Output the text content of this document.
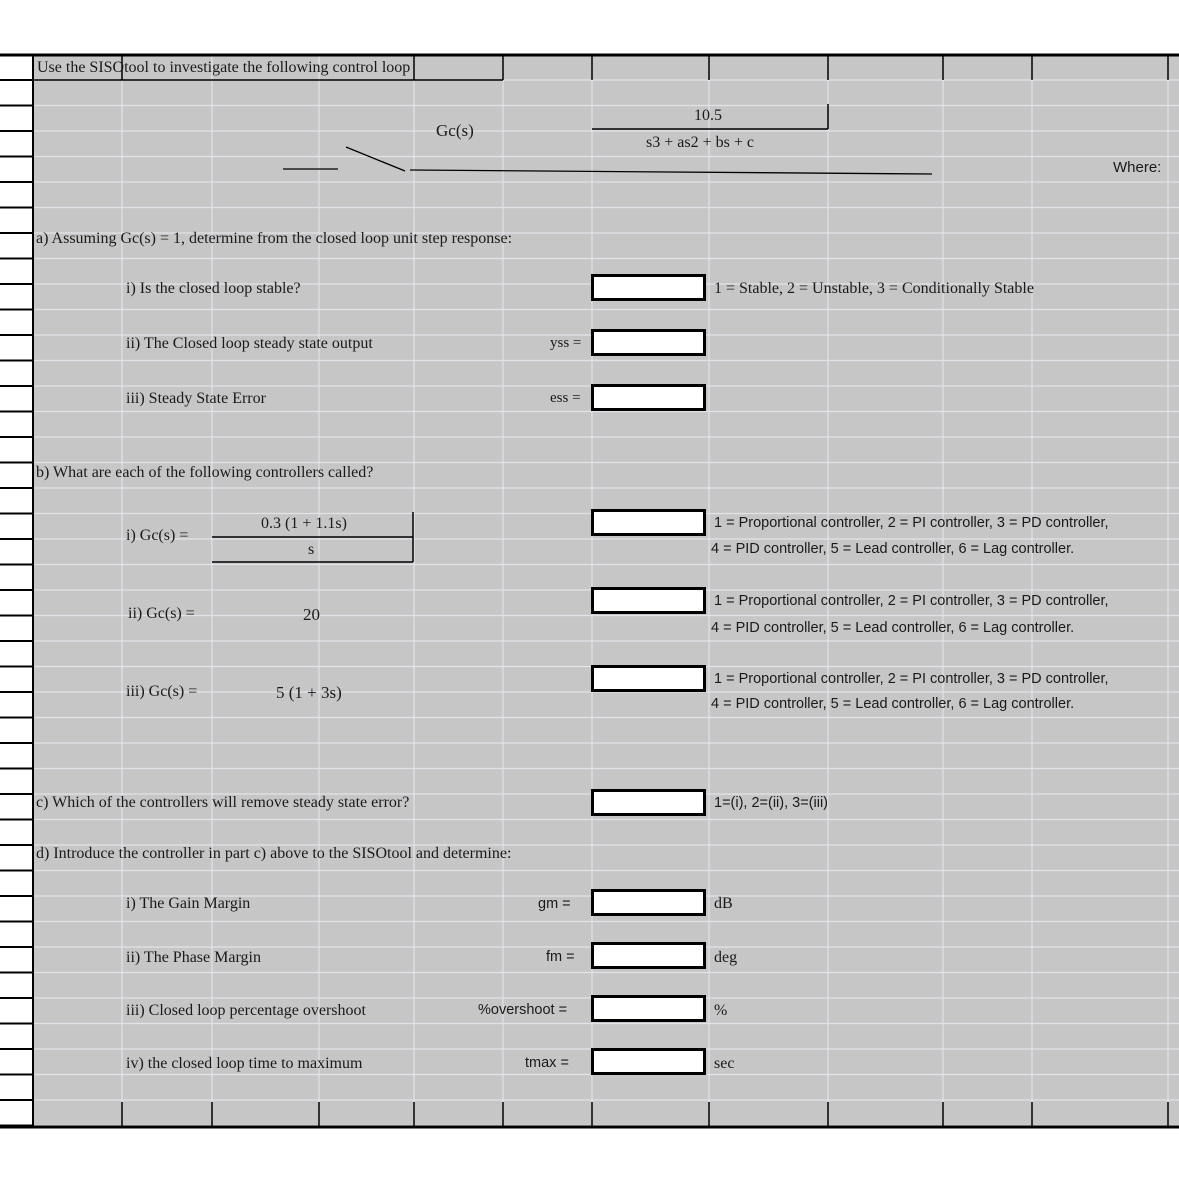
Use the SISOtool to investigate the following control loop
Gc(s)
10.5
s3 + as2 + bs + c
Where:
a) Assuming Gc(s) = 1, determine from the closed loop unit step response:
i) Is the closed loop stable?	1 = Stable, 2 = Unstable, 3 = Conditionally Stable
ii) The Closed loop steady state output	yss =
iii) Steady State Error	ess =
b) What are each of the following controllers called?
i) Gc(s) =
0.3 (1 + 1.1s)
s
1 = Proportional controller, 2 = PI controller, 3 = PD controller,
4 = PID controller, 5 = Lead controller, 6 = Lag controller.
ii) Gc(s) =	20
1 = Proportional controller, 2 = PI controller, 3 = PD controller,
4 = PID controller, 5 = Lead controller, 6 = Lag controller.
iii) Gc(s) =	5 (1 + 3s)
1 = Proportional controller, 2 = PI controller, 3 = PD controller,
4 = PID controller, 5 = Lead controller, 6 = Lag controller.
c) Which of the controllers will remove steady state error?	1=(i), 2=(ii), 3=(iii)
d) Introduce the controller in part c) above to the SISOtool and determine:
i) The Gain Margin	gm =	dB
ii) The Phase Margin	fm =	deg
iii) Closed loop percentage overshoot	%overshoot =	%
iv) the closed loop time to maximum	tmax =	sec
